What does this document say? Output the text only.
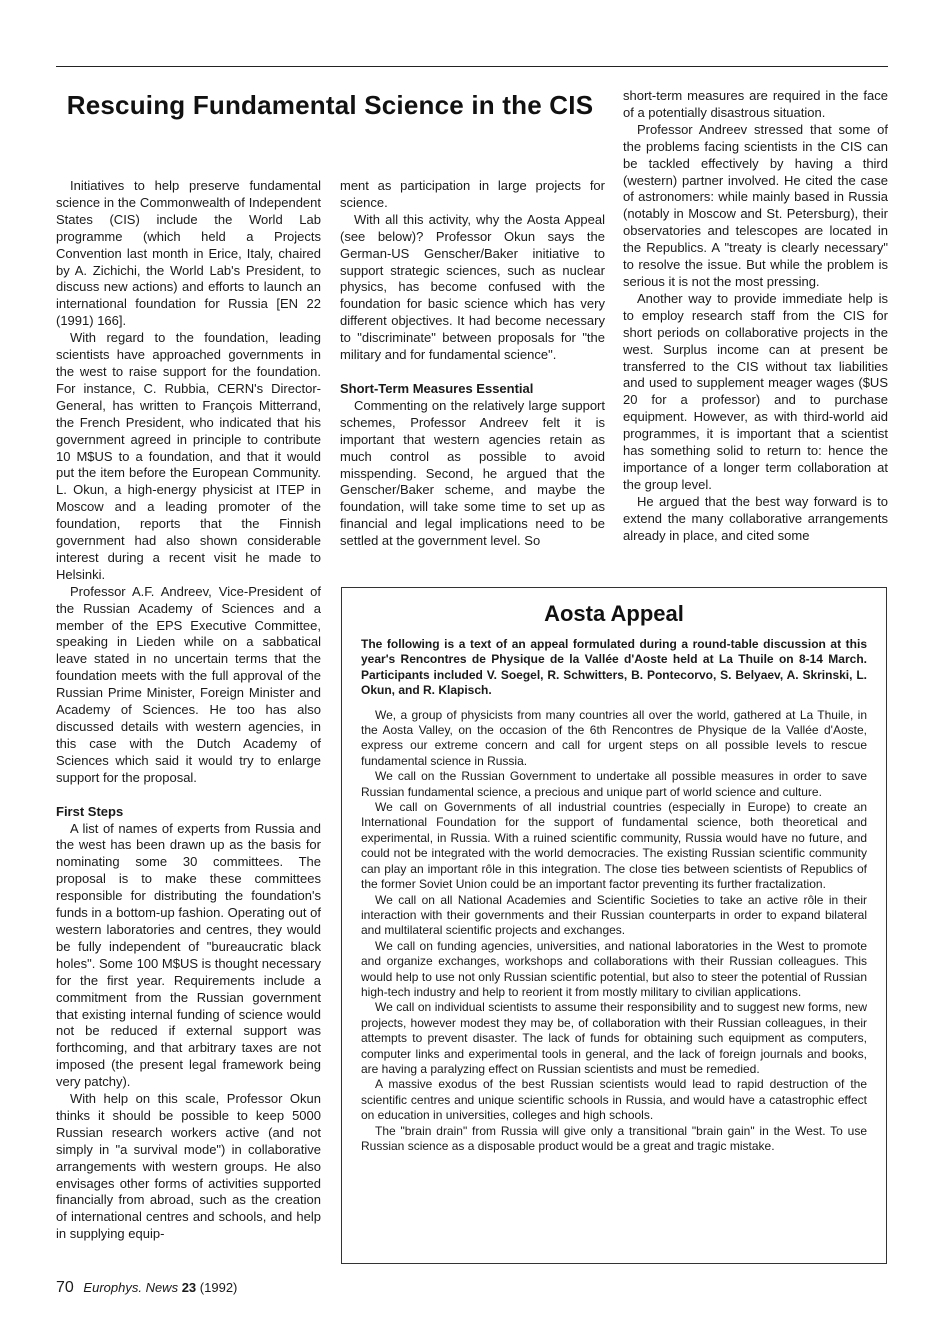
Rescuing Fundamental Science in the CIS

Initiatives to help preserve fundamental science in the Commonwealth of Independent States (CIS) include the World Lab programme (which held a Projects Convention last month in Erice, Italy, chaired by A. Zichichi, the World Lab's President, to discuss new actions) and efforts to launch an international foundation for Russia [EN 22 (1991) 166].

With regard to the foundation, leading scientists have approached governments in the west to raise support for the foundation. For instance, C. Rubbia, CERN's Director-General, has written to François Mitterrand, the French President, who indicated that his government agreed in principle to contribute 10 M$US to a foundation, and that it would put the item before the European Community. L. Okun, a high-energy physicist at ITEP in Moscow and a leading promoter of the foundation, reports that the Finnish government had also shown considerable interest during a recent visit he made to Helsinki.

Professor A.F. Andreev, Vice-President of the Russian Academy of Sciences and a member of the EPS Executive Committee, speaking in Lieden while on a sabbatical leave stated in no uncertain terms that the foundation meets with the full approval of the Russian Prime Minister, Foreign Minister and Academy of Sciences. He too has also discussed details with western agencies, in this case with the Dutch Academy of Sciences which said it would try to enlarge support for the proposal.

First Steps

A list of names of experts from Russia and the west has been drawn up as the basis for nominating some 30 committees. The proposal is to make these committees responsible for distributing the foundation's funds in a bottom-up fashion. Operating out of western laboratories and centres, they would be fully independent of "bureaucratic black holes". Some 100 M$US is thought necessary for the first year. Requirements include a commitment from the Russian government that existing internal funding of science would not be reduced if external support was forthcoming, and that arbitrary taxes are not imposed (the present legal framework being very patchy).

With help on this scale, Professor Okun thinks it should be possible to keep 5000 Russian research workers active (and not simply in "a survival mode") in collaborative arrangements with western groups. He also envisages other forms of activities supported financially from abroad, such as the creation of international centres and schools, and help in supplying equip-

ment as participation in large projects for science.

With all this activity, why the Aosta Appeal (see below)? Professor Okun says the German-US Genscher/Baker initiative to support strategic sciences, such as nuclear physics, has become confused with the foundation for basic science which has very different objectives. It had become necessary to "discriminate" between proposals for "the military and for fundamental science".

Short-Term Measures Essential

Commenting on the relatively large support schemes, Professor Andreev felt it is important that western agencies retain as much control as possible to avoid misspending. Second, he argued that the Genscher/Baker scheme, and maybe the foundation, will take some time to set up as financial and legal implications need to be settled at the government level. So

short-term measures are required in the face of a potentially disastrous situation.

Professor Andreev stressed that some of the problems facing scientists in the CIS can be tackled effectively by having a third (western) partner involved. He cited the case of astronomers: while mainly based in Russia (notably in Moscow and St. Petersburg), their observatories and telescopes are located in the Republics. A "treaty is clearly necessary" to resolve the issue. But while the problem is serious it is not the most pressing.

Another way to provide immediate help is to employ research staff from the CIS for short periods on collaborative projects in the west. Surplus income can at present be transferred to the CIS without tax liabilities and used to supplement meager wages ($US 20 for a professor) and to purchase equipment. However, as with third-world aid programmes, it is important that a scientist has something solid to return to: hence the importance of a longer term collaboration at the group level.

He argued that the best way forward is to extend the many collaborative arrangements already in place, and cited some

Aosta Appeal

The following is a text of an appeal formulated during a round-table discussion at this year's Rencontres de Physique de la Vallée d'Aoste held at La Thuile on 8-14 March. Participants included V. Soegel, R. Schwitters, B. Pontecorvo, S. Belyaev, A. Skrinski, L. Okun, and R. Klapisch.

We, a group of physicists from many countries all over the world, gathered at La Thuile, in the Aosta Valley, on the occasion of the 6th Rencontres de Physique de la Vallée d'Aoste, express our extreme concern and call for urgent steps on all possible levels to rescue fundamental science in Russia.

We call on the Russian Government to undertake all possible measures in order to save Russian fundamental science, a precious and unique part of world science and culture.

We call on Governments of all industrial countries (especially in Europe) to create an International Foundation for the support of fundamental science, both theoretical and experimental, in Russia. With a ruined scientific community, Russia would have no future, and could not be integrated with the world democracies. The existing Russian scientific community can play an important rôle in this integration. The close ties between scientists of Republics of the former Soviet Union could be an important factor preventing its further fractalization.

We call on all National Academies and Scientific Societies to take an active rôle in their interaction with their governments and their Russian counterparts in order to expand bilateral and multilateral scientific projects and exchanges.

We call on funding agencies, universities, and national laboratories in the West to promote and organize exchanges, workshops and collaborations with their Russian colleagues. This would help to use not only Russian scientific potential, but also to steer the potential of Russian high-tech industry and help to reorient it from mostly military to civilian applications.

We call on individual scientists to assume their responsibility and to suggest new forms, new projects, however modest they may be, of collaboration with their Russian colleagues, in their attempts to prevent disaster. The lack of funds for obtaining such equipment as computers, computer links and experimental tools in general, and the lack of foreign journals and books, are having a paralyzing effect on Russian scientists and must be remedied.

A massive exodus of the best Russian scientists would lead to rapid destruction of the scientific centres and unique scientific schools in Russia, and would have a catastrophic effect on education in universities, colleges and high schools.

The "brain drain" from Russia will give only a transitional "brain gain" in the West. To use Russian science as a disposable product would be a great and tragic mistake.

70 Europhys. News 23 (1992)
